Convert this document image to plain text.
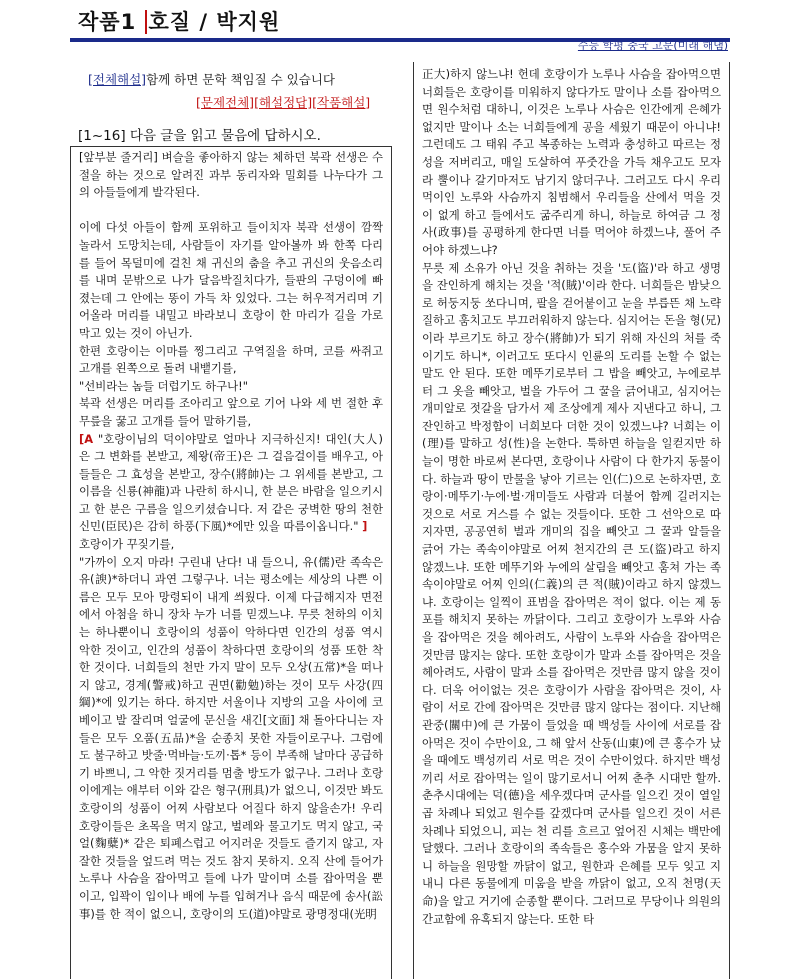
작품1 호질 / 박지원
수능 학평 중국 고문(미래 해냄)
[전체해설]함께 하면 문학 책임질 수 있습니다
[문제전체][해설정답][작품해설]
[1~16] 다음 글을 읽고 물음에 답하시오.

[앞부분 줄거리] 벼슬을 좋아하지 않는 체하던 북곽 선생은 수절을 하는 것으로 알려진 과부 동리자와 밀회를 나누다가 그의 아들들에게 발각된다.

이에 다섯 아들이 함께 포위하고 들이치자 북곽 선생이 깜짝 놀라서 도망치는데, 사람들이 자기를 알아볼까 봐 한쪽 다리를 들어 목덜미에 걸친 채 귀신의 춤을 추고 귀신의 웃음소리를 내며 문밖으로 나가 달음박질치다가, 들판의 구덩이에 빠졌는데 그 안에는 똥이 가득 차 있었다. 그는 허우적거리며 기어올라 머리를 내밀고 바라보니 호랑이 한 마리가 길을 가로막고 있는 것이 아닌가.

한편 호랑이는 이마를 찡그리고 구역질을 하며, 코를 싸쥐고 고개를 왼쪽으로 돌려 내뱉기를,

"선비라는 놈들 더럽기도 하구나!"

북곽 선생은 머리를 조아리고 앞으로 기어 나와 세 번 절한 후 무릎을 꿇고 고개를 들어 말하기를,

[A "호랑이님의 덕이야말로 얼마나 지극하신지! 대인(大人)은 그 변화를 본받고, 제왕(帝王)은 그 걸음걸이를 배우고, 아들들은 그 효성을 본받고, 장수(將帥)는 그 위세를 본받고, 그 이름을 신룡(神龍)과 나란히 하시니, 한 분은 바람을 일으키시고 한 분은 구름을 일으키셨습니다. 저 같은 궁벽한 땅의 천한 신민(臣民)은 감히 하풍(下風)*에만 있을 따름이옵니다." ]

호랑이가 꾸짖기를,

"가까이 오지 마라! 구린내 난다! 내 들으니, 유(儒)란 족속은 유(諛)*하더니 과연 그렇구나. 너는 평소에는 세상의 나쁜 이름은 모두 모아 망령되이 내게 씌웠다. 이제 다급해지자 면전에서 아첨을 하니 장차 누가 너를 믿겠느냐. 무릇 천하의 이치는 하나뿐이니 호랑이의 성품이 악하다면 인간의 성품 역시 악한 것이고, 인간의 성품이 착하다면 호랑이의 성품 또한 착한 것이다. 너희들의 천만 가지 말이 모두 오상(五常)*을 떠나지 않고, 경계(警戒)하고 권면(勸勉)하는 것이 모두 사강(四綱)*에 있기는 하다. 하지만 서울이나 지방의 고을 사이에 코 베이고 발 잘리며 얼굴에 문신을 새긴[文面] 채 돌아다니는 자들은 모두 오품(五品)*을 순종치 못한 자들이로구나. 그럼에도 불구하고 밧줄·먹바늘·도끼·톱* 등이 부족해 날마다 공급하기 바쁘니, 그 악한 짓거리를 멈출 방도가 없구나. 그러나 호랑이에게는 애부터 이와 같은 형구(刑具)가 없으니, 이것만 봐도 호랑이의 성품이 어찌 사람보다 어질다 하지 않을손가! 우리 호랑이들은 초목을 먹지 않고, 벌레와 물고기도 먹지 않고, 국얼(麴糵)* 같은 퇴폐스럽고 어지러운 것들도 즐기지 않고, 자잘한 것들을 엎드려 먹는 것도 참지 못하지. 오직 산에 들어가 노루나 사슴을 잡아먹고 들에 나가 말이며 소를 잡아먹을 뿐이고, 입꽉이 입이나 배에 누를 입혀거나 음식 때문에 송사(訟事)를 한 적이 없으니, 호랑이의 도(道)야말로 광명정대(光明

正大)하지 않느냐! 헌데 호랑이가 노루나 사슴을 잡아먹으면 너희들은 호랑이를 미워하지 않다가도 말이나 소를 잡아먹으면 원수처럼 대하니, 이것은 노루나 사슴은 인간에게 은혜가 없지만 말이나 소는 너희들에게 공을 세웠기 때문이 아니냐! 그런데도 그 태워 주고 복종하는 노력과 충성하고 따르는 정성을 저버리고, 매일 도살하여 푸줏간을 가득 채우고도 모자라 뿔이나 갈기마저도 남기지 않더구나. 그러고도 다시 우리 먹이인 노루와 사슴까지 침범해서 우리들을 산에서 먹을 것이 없게 하고 들에서도 굶주리게 하니, 하늘로 하여금 그 정사(政事)를 공평하게 한다면 너를 먹어야 하겠느냐, 풀어 주어야 하겠느냐?

무릇 제 소유가 아닌 것을 취하는 것을 '도(盜)'라 하고 생명을 잔인하게 해치는 것을 '적(賊)'이라 한다. 너희들은 밤낮으로 허둥지둥 쏘다니며, 팔을 걷어붙이고 눈을 부릅뜬 채 노략질하고 훔치고도 부끄러워하지 않는다. 심지어는 돈을 형(兄)이라 부르기도 하고 장수(將帥)가 되기 위해 자신의 처를 죽이기도 하니*, 이러고도 또다시 인륜의 도리를 논할 수 없는 말도 안 된다. 또한 메뚜기로부터 그 밥을 빼앗고, 누에로부터 그 옷을 빼앗고, 벌을 가두어 그 꿀을 긁어내고, 심지어는 개미알로 젓갈을 담가서 제 조상에게 제사 지낸다고 하니, 그 잔인하고 박정함이 너희보다 더한 것이 있겠느냐? 너희는 이(理)를 말하고 성(性)을 논한다. 툭하면 하늘을 일컫지만 하늘이 명한 바로써 본다면, 호랑이나 사람이 다 한가지 동물이다. 하늘과 땅이 만물을 낳아 기르는 인(仁)으로 논하자면, 호랑이·메뚜기·누에·벌·개미들도 사람과 더불어 함께 길러지는 것으로 서로 거스를 수 없는 것들이다. 또한 그 선악으로 따지자면, 공공연히 벌과 개미의 집을 빼앗고 그 꿀과 알들을 긁어 가는 족속이야말로 어찌 천지간의 큰 도(盜)라고 하지 않겠느냐. 또한 메뚜기와 누에의 살림을 빼앗고 훔쳐 가는 족속이야말로 어찌 인의(仁義)의 큰 적(賊)이라고 하지 않겠느냐. 호랑이는 일찍이 표범을 잡아먹은 적이 없다. 이는 제 동포를 해치지 못하는 까닭이다. 그리고 호랑이가 노루와 사슴을 잡아먹은 것을 헤아려도, 사람이 노루와 사슴을 잡아먹은 것만큼 많지는 않다. 또한 호랑이가 말과 소를 잡아먹은 것을 헤아려도, 사람이 말과 소를 잡아먹은 것만큼 많지 않을 것이다. 더욱 어이없는 것은 호랑이가 사람을 잡아먹은 것이, 사람이 서로 간에 잡아먹은 것만큼 많지 않다는 점이다. 지난해 관중(關中)에 큰 가뭄이 들었을 때 백성들 사이에 서로를 잡아먹은 것이 수만이요, 그 해 앞서 산동(山東)에 큰 홍수가 났을 때에도 백성끼리 서로 먹은 것이 수만이었다. 하지만 백성끼리 서로 잡아먹는 일이 많기로서니 어찌 춘추 시대만 할까. 춘추시대에는 덕(德)을 세우겠다며 군사를 일으킨 것이 열일곱 차례나 되었고 원수를 갚겠다며 군사를 일으킨 것이 서른 차례나 되었으니, 피는 천 리를 흐르고 엎어진 시체는 백만에 달했다. 그러나 호랑이의 족속들은 홍수와 가뭄을 알지 못하니 하늘을 원망할 까닭이 없고, 원한과 은혜를 모두 잊고 지내니 다른 동물에게 미움을 받을 까닭이 없고, 오직 천명(天命)을 알고 거기에 순종할 뿐이다. 그러므로 무당이나 의원의 간교함에 유혹되지 않는다. 또한 타
